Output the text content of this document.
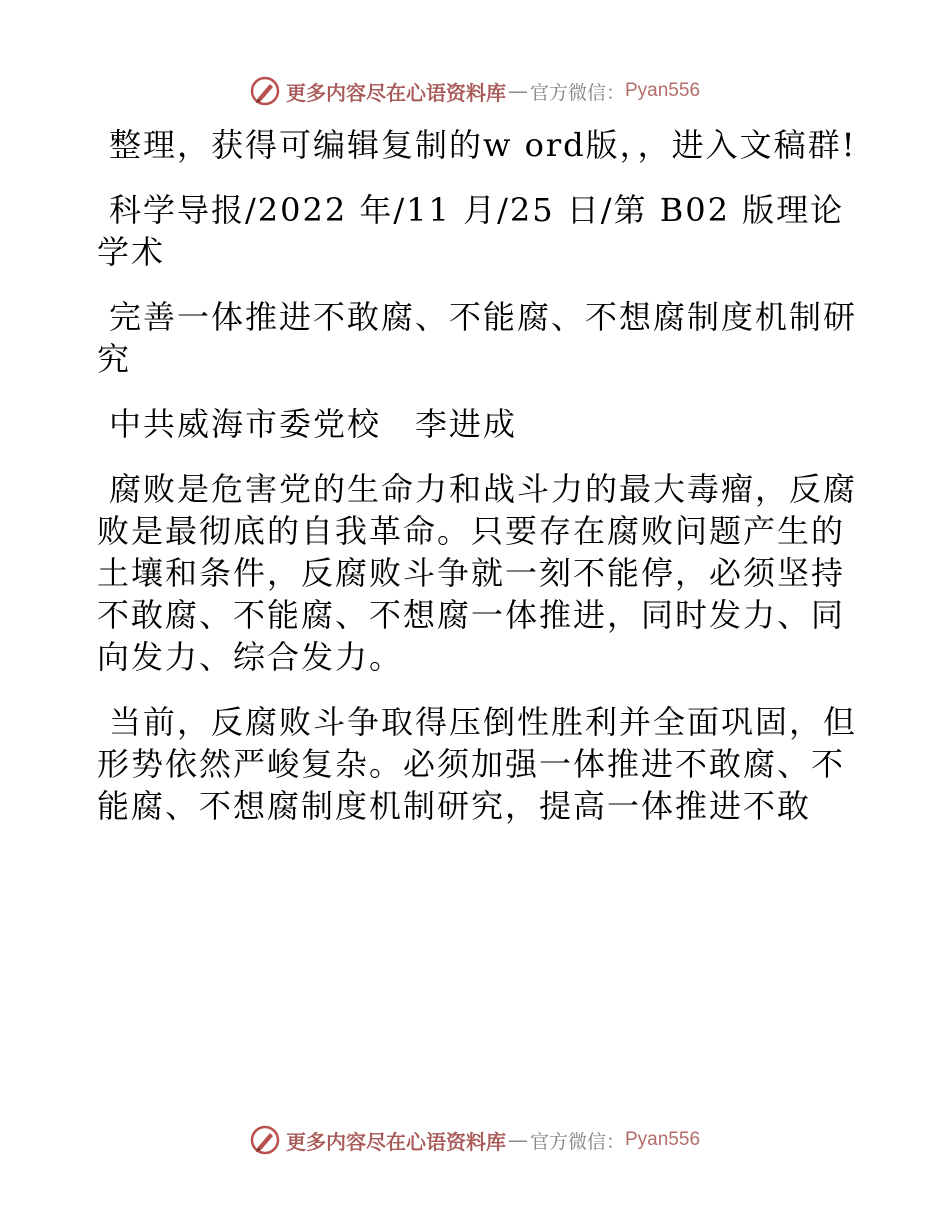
更多内容尽在心语资料库 — 官方微信： Pyan556

整理，获得可编辑复制的w ord版，，进入文稿群!

科学导报/2022 年/11 月/25 日/第 B02 版理论学术

完善一体推进不敢腐、不能腐、不想腐制度机制研究

中共威海市委党校　李进成

腐败是危害党的生命力和战斗力的最大毒瘤，反腐败是最彻底的自我革命。只要存在腐败问题产生的土壤和条件，反腐败斗争就一刻不能停，必须坚持不敢腐、不能腐、不想腐一体推进，同时发力、同向发力、综合发力。

当前，反腐败斗争取得压倒性胜利并全面巩固，但形势依然严峻复杂。必须加强一体推进不敢腐、不能腐、不想腐制度机制研究，提高一体推进不敢

更多内容尽在心语资料库 — 官方微信： Pyan556
